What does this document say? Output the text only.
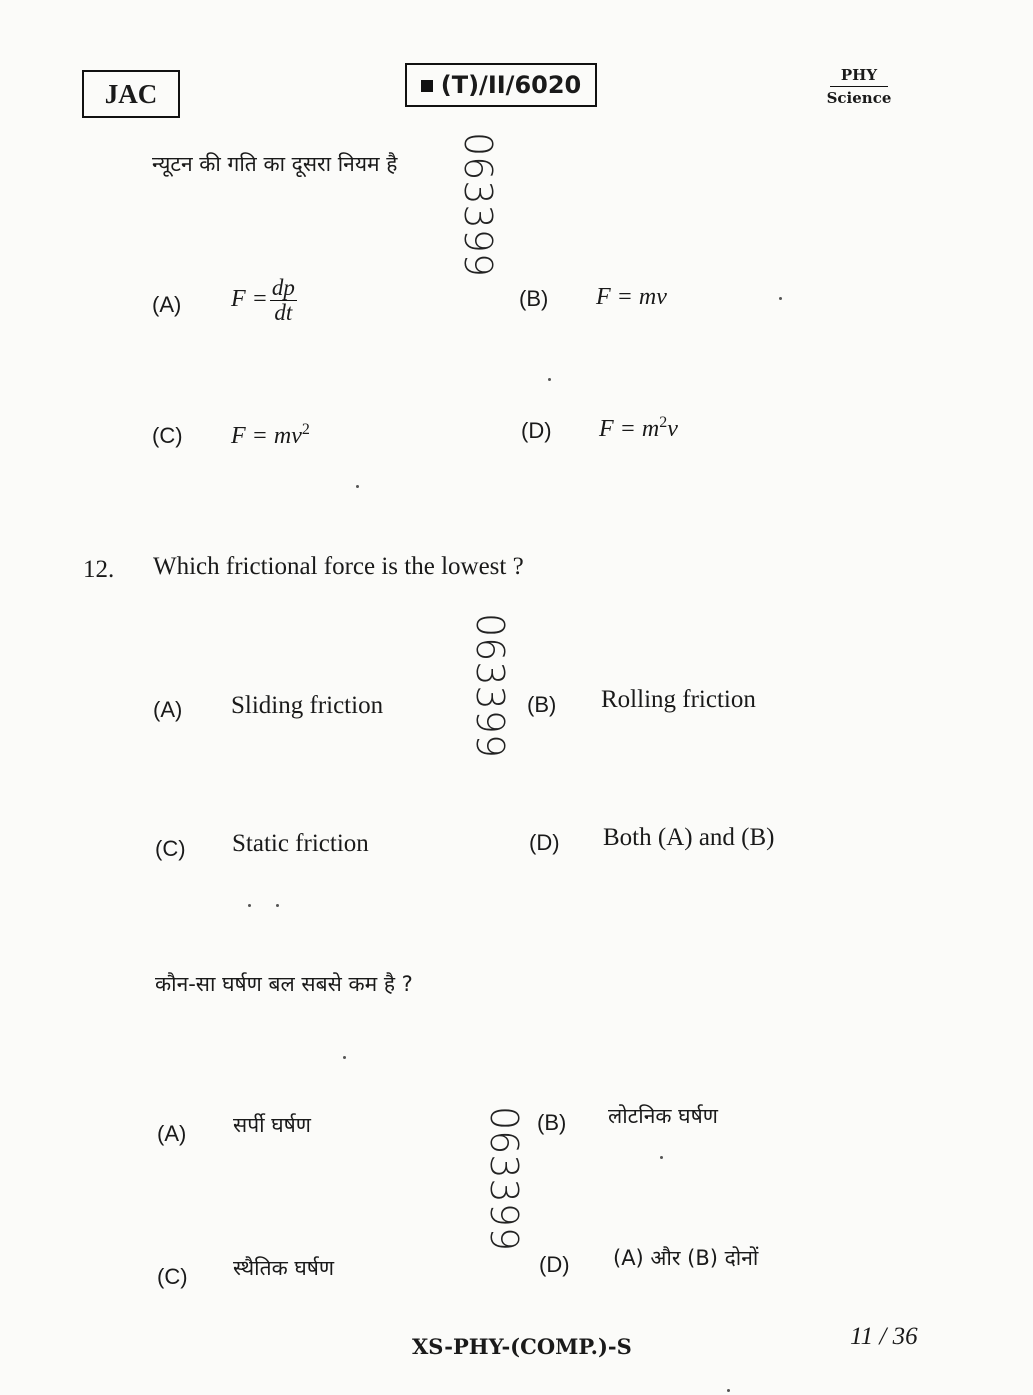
JAC	(T)/II/6020	PHY
Science
न्यूटन की गति का दूसरा नियम है 063399
(A) $F = \frac{dp}{dt}$	(B) F = mv
(C) $F = mv^2$	(D) $F = m^2v$
12. Which frictional force is the lowest ?
063399
(A) Sliding friction	(B) Rolling friction
(C) Static friction	(D) Both (A) and (B)
कौन-सा घर्षण बल सबसे कम है ?
063399
(A) सर्पी घर्षण	(B) लोटनिक घर्षण
(C) स्थैतिक घर्षण	(D) (A) और (B) दोनों
XS-PHY-(COMP.)-S	11 / 36
